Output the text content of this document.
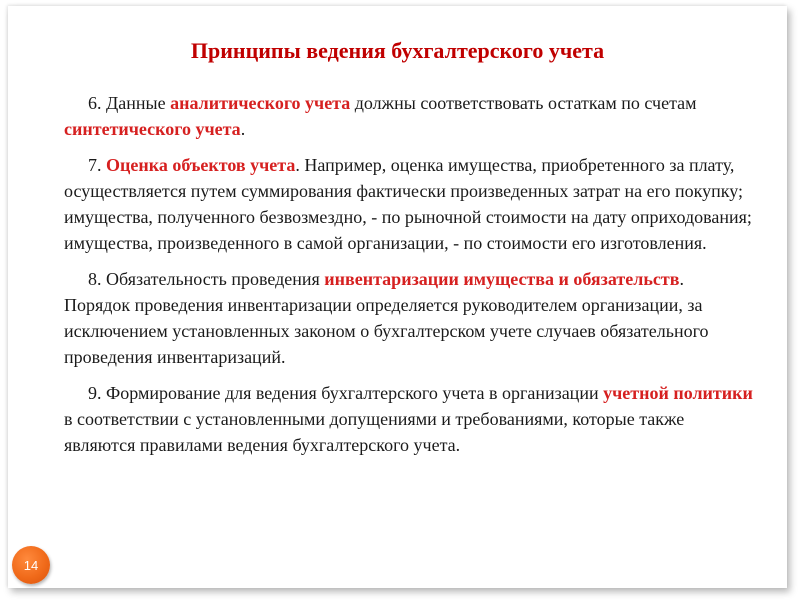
Принципы ведения бухгалтерского учета

6. Данные аналитического учета должны соответствовать остаткам по счетам синтетического учета.

7. Оценка объектов учета. Например, оценка имущества, приобретенного за плату, осуществляется путем суммирования фактически произведенных затрат на его покупку; имущества, полученного безвозмездно, - по рыночной стоимости на дату оприходования; имущества, произведенного в самой организации, - по стоимости его изготовления.

8. Обязательность проведения инвентаризации имущества и обязательств. Порядок проведения инвентаризации определяется руководителем организации, за исключением установленных законом о бухгалтерском учете случаев обязательного проведения инвентаризаций.

9. Формирование для ведения бухгалтерского учета в организации учетной политики в соответствии с установленными допущениями и требованиями, которые также являются правилами ведения бухгалтерского учета.

14
